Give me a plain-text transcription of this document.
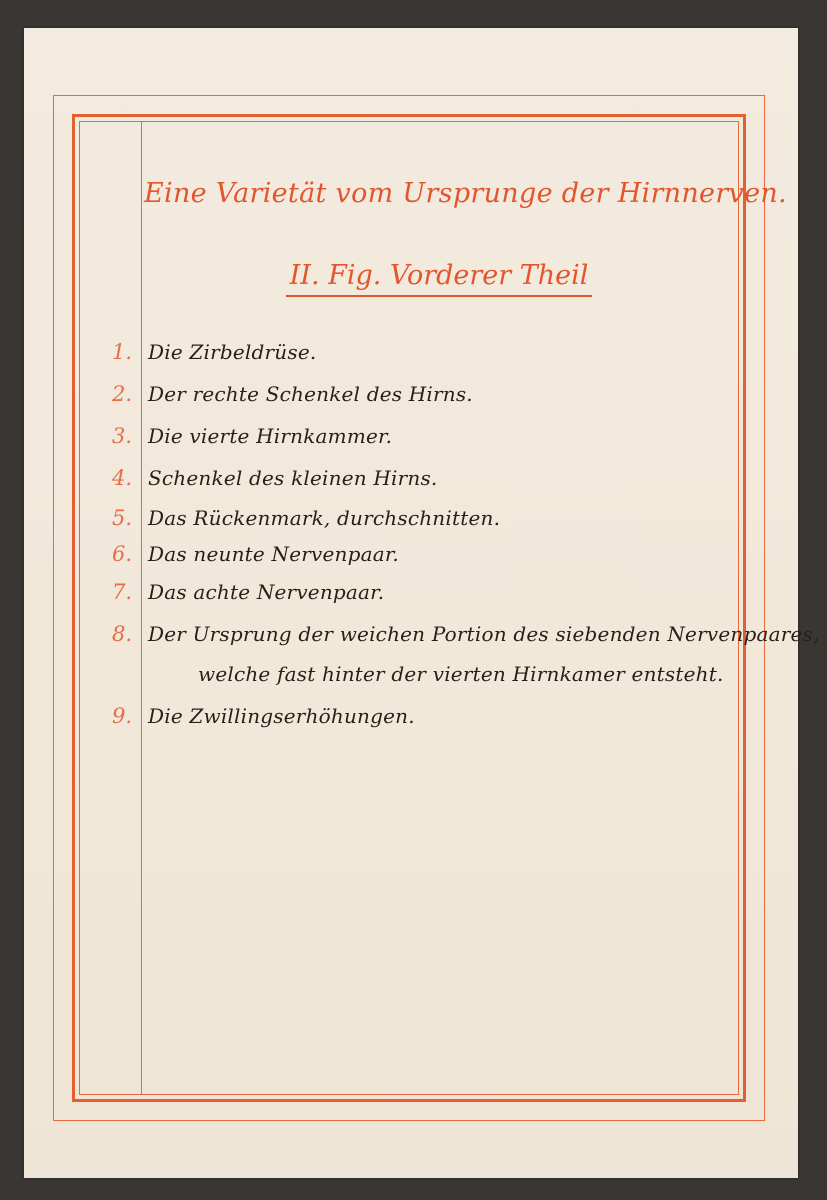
Eine Varietät vom Ursprunge der Hirnnerven.
II. Fig. Vorderer Theil
1. Die Zirbeldrüse.
2. Der rechte Schenkel des Hirns.
3. Die vierte Hirnkammer.
4. Schenkel des kleinen Hirns.
5. Das Rückenmark, durchschnitten.
6. Das neunte Nervenpaar.
7. Das achte Nervenpaar.
8. Der Ursprung der weichen Portion des siebenden Nervenpaares,
welche fast hinter der vierten Hirnkamer entsteht.
9. Die Zwillingserhöhungen.
